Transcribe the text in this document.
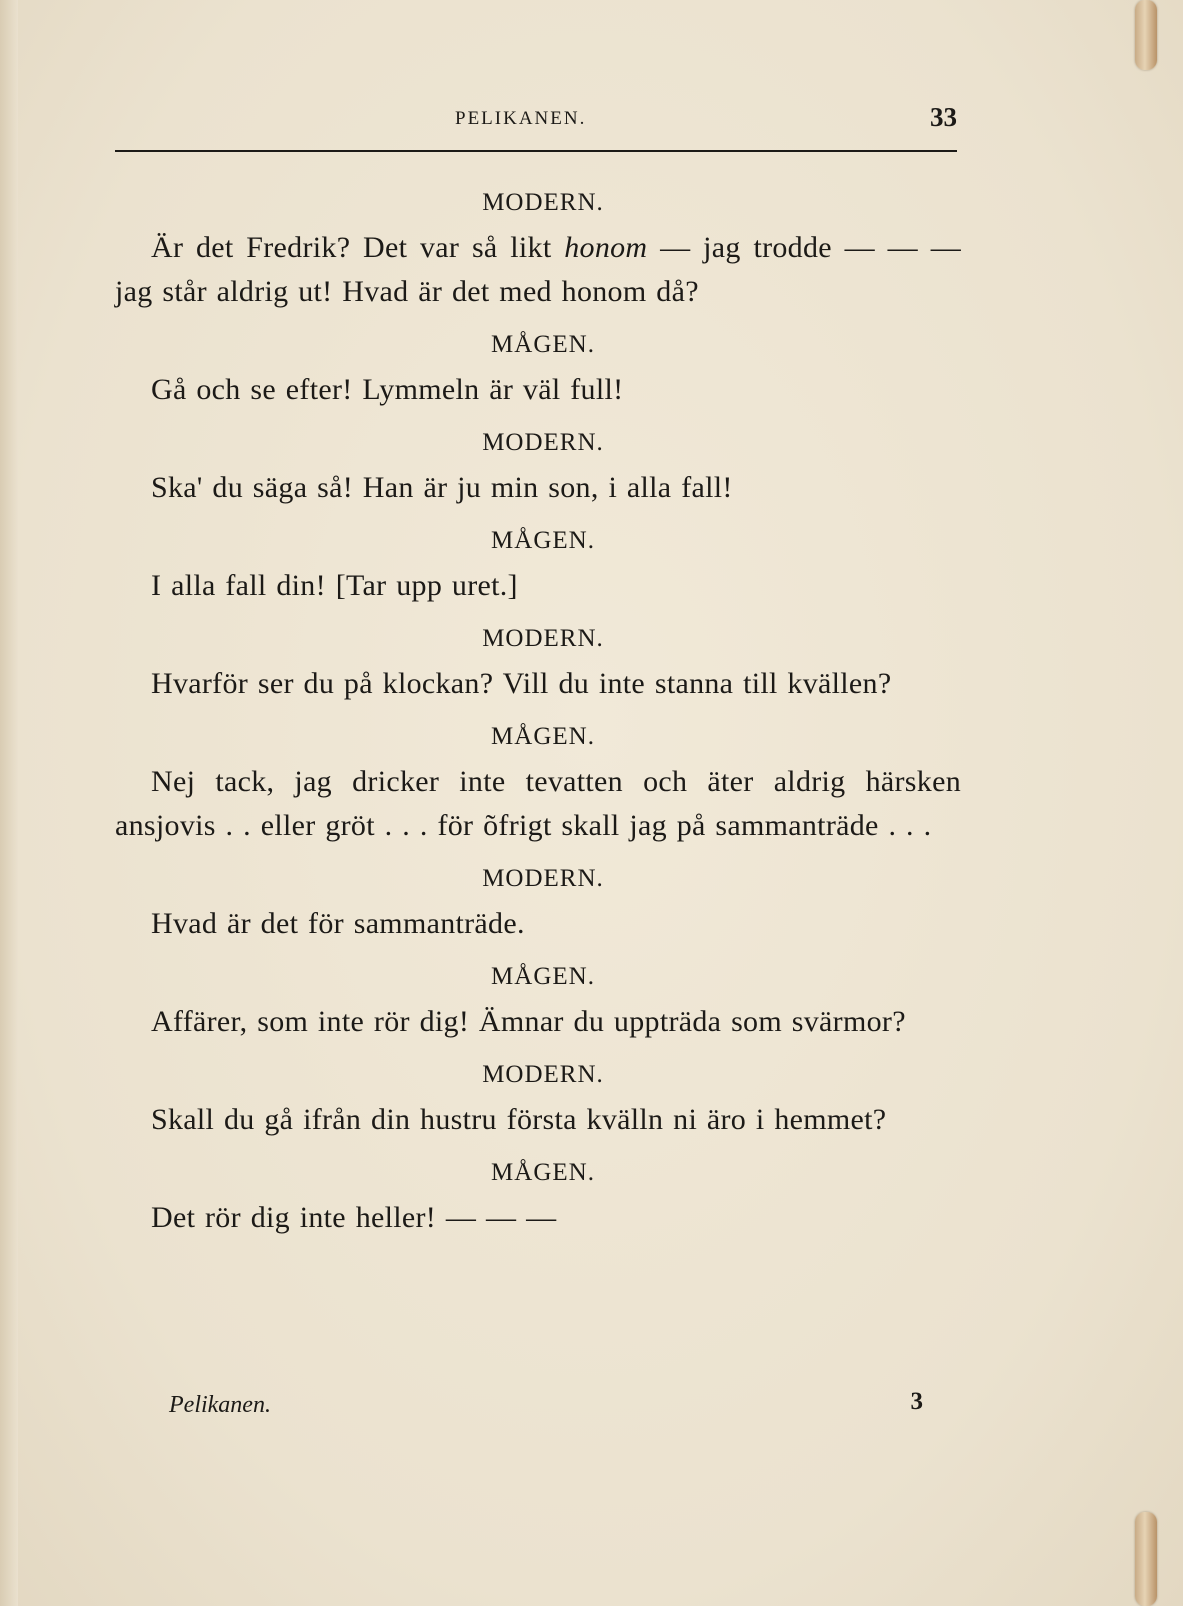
PELIKANEN.	33
MODERN.

Är det Fredrik? Det var så likt honom — jag trodde — — — jag står aldrig ut! Hvad är det med honom då?

MÅGEN.

Gå och se efter! Lymmeln är väl full!

MODERN.

Ska' du säga så! Han är ju min son, i alla fall!

MÅGEN.

I alla fall din! [Tar upp uret.]

MODERN.

Hvarför ser du på klockan? Vill du inte stanna till kvällen?

MÅGEN.

Nej tack, jag dricker inte tevatten och äter aldrig härsken ansjovis . . eller gröt . . . för õfrigt skall jag på sammanträde . . .

MODERN.

Hvad är det för sammanträde.

MÅGEN.

Affärer, som inte rör dig! Ämnar du uppträda som svärmor?

MODERN.

Skall du gå ifrån din hustru första kvälln ni äro i hemmet?

MÅGEN.

Det rör dig inte heller! — — —

Pelikanen.	3
